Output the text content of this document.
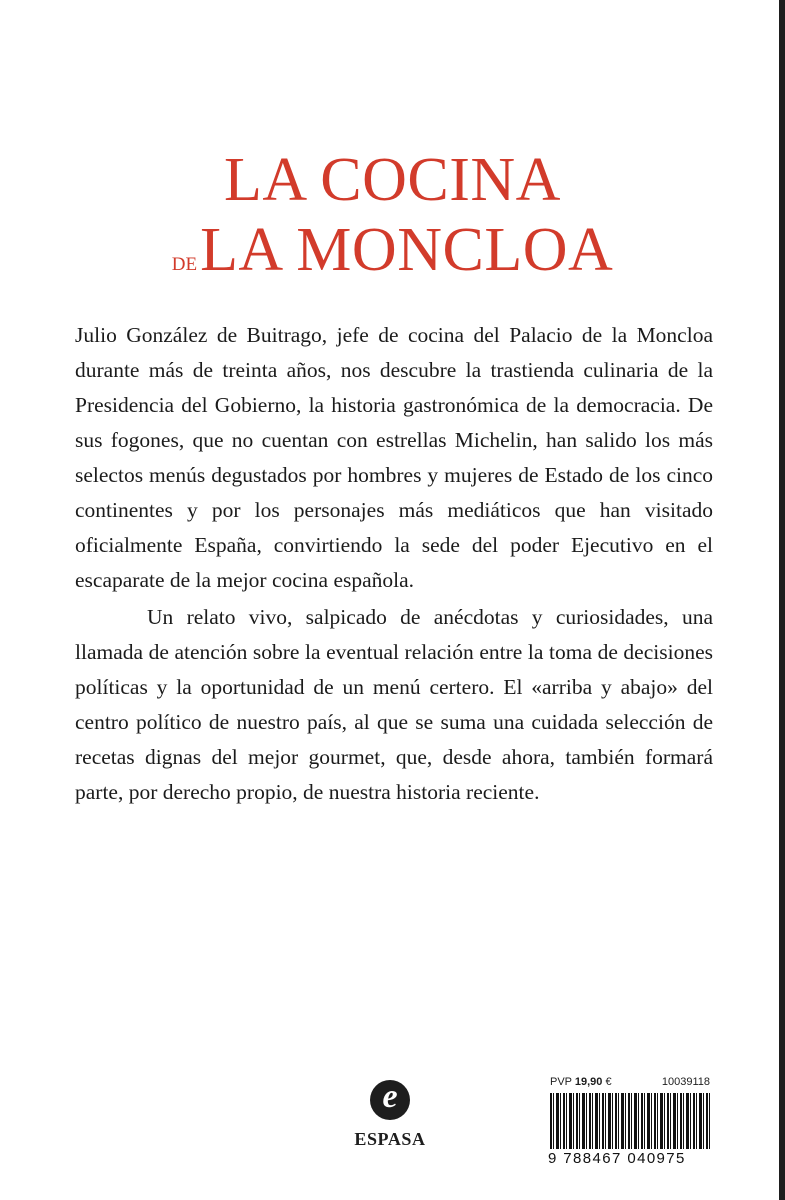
LA COCINA
DELA MONCLOA

Julio González de Buitrago, jefe de cocina del Palacio de la Moncloa durante más de treinta años, nos descubre la trastienda culinaria de la Presidencia del Gobierno, la historia gastronómica de la democracia. De sus fogones, que no cuentan con estrellas Michelin, han salido los más selectos menús degustados por hombres y mujeres de Estado de los cinco continentes y por los personajes más mediáticos que han visitado oficialmente España, convirtiendo la sede del poder Ejecutivo en el escaparate de la mejor cocina española.

Un relato vivo, salpicado de anécdotas y curiosidades, una llamada de atención sobre la eventual relación entre la toma de decisiones políticas y la oportunidad de un menú certero. El «arriba y abajo» del centro político de nuestro país, al que se suma una cuidada selección de recetas dignas del mejor gourmet, que, desde ahora, también formará parte, por derecho propio, de nuestra historia reciente.

e
ESPASA
PVP 19,90 €	10039118
9 788467 040975
